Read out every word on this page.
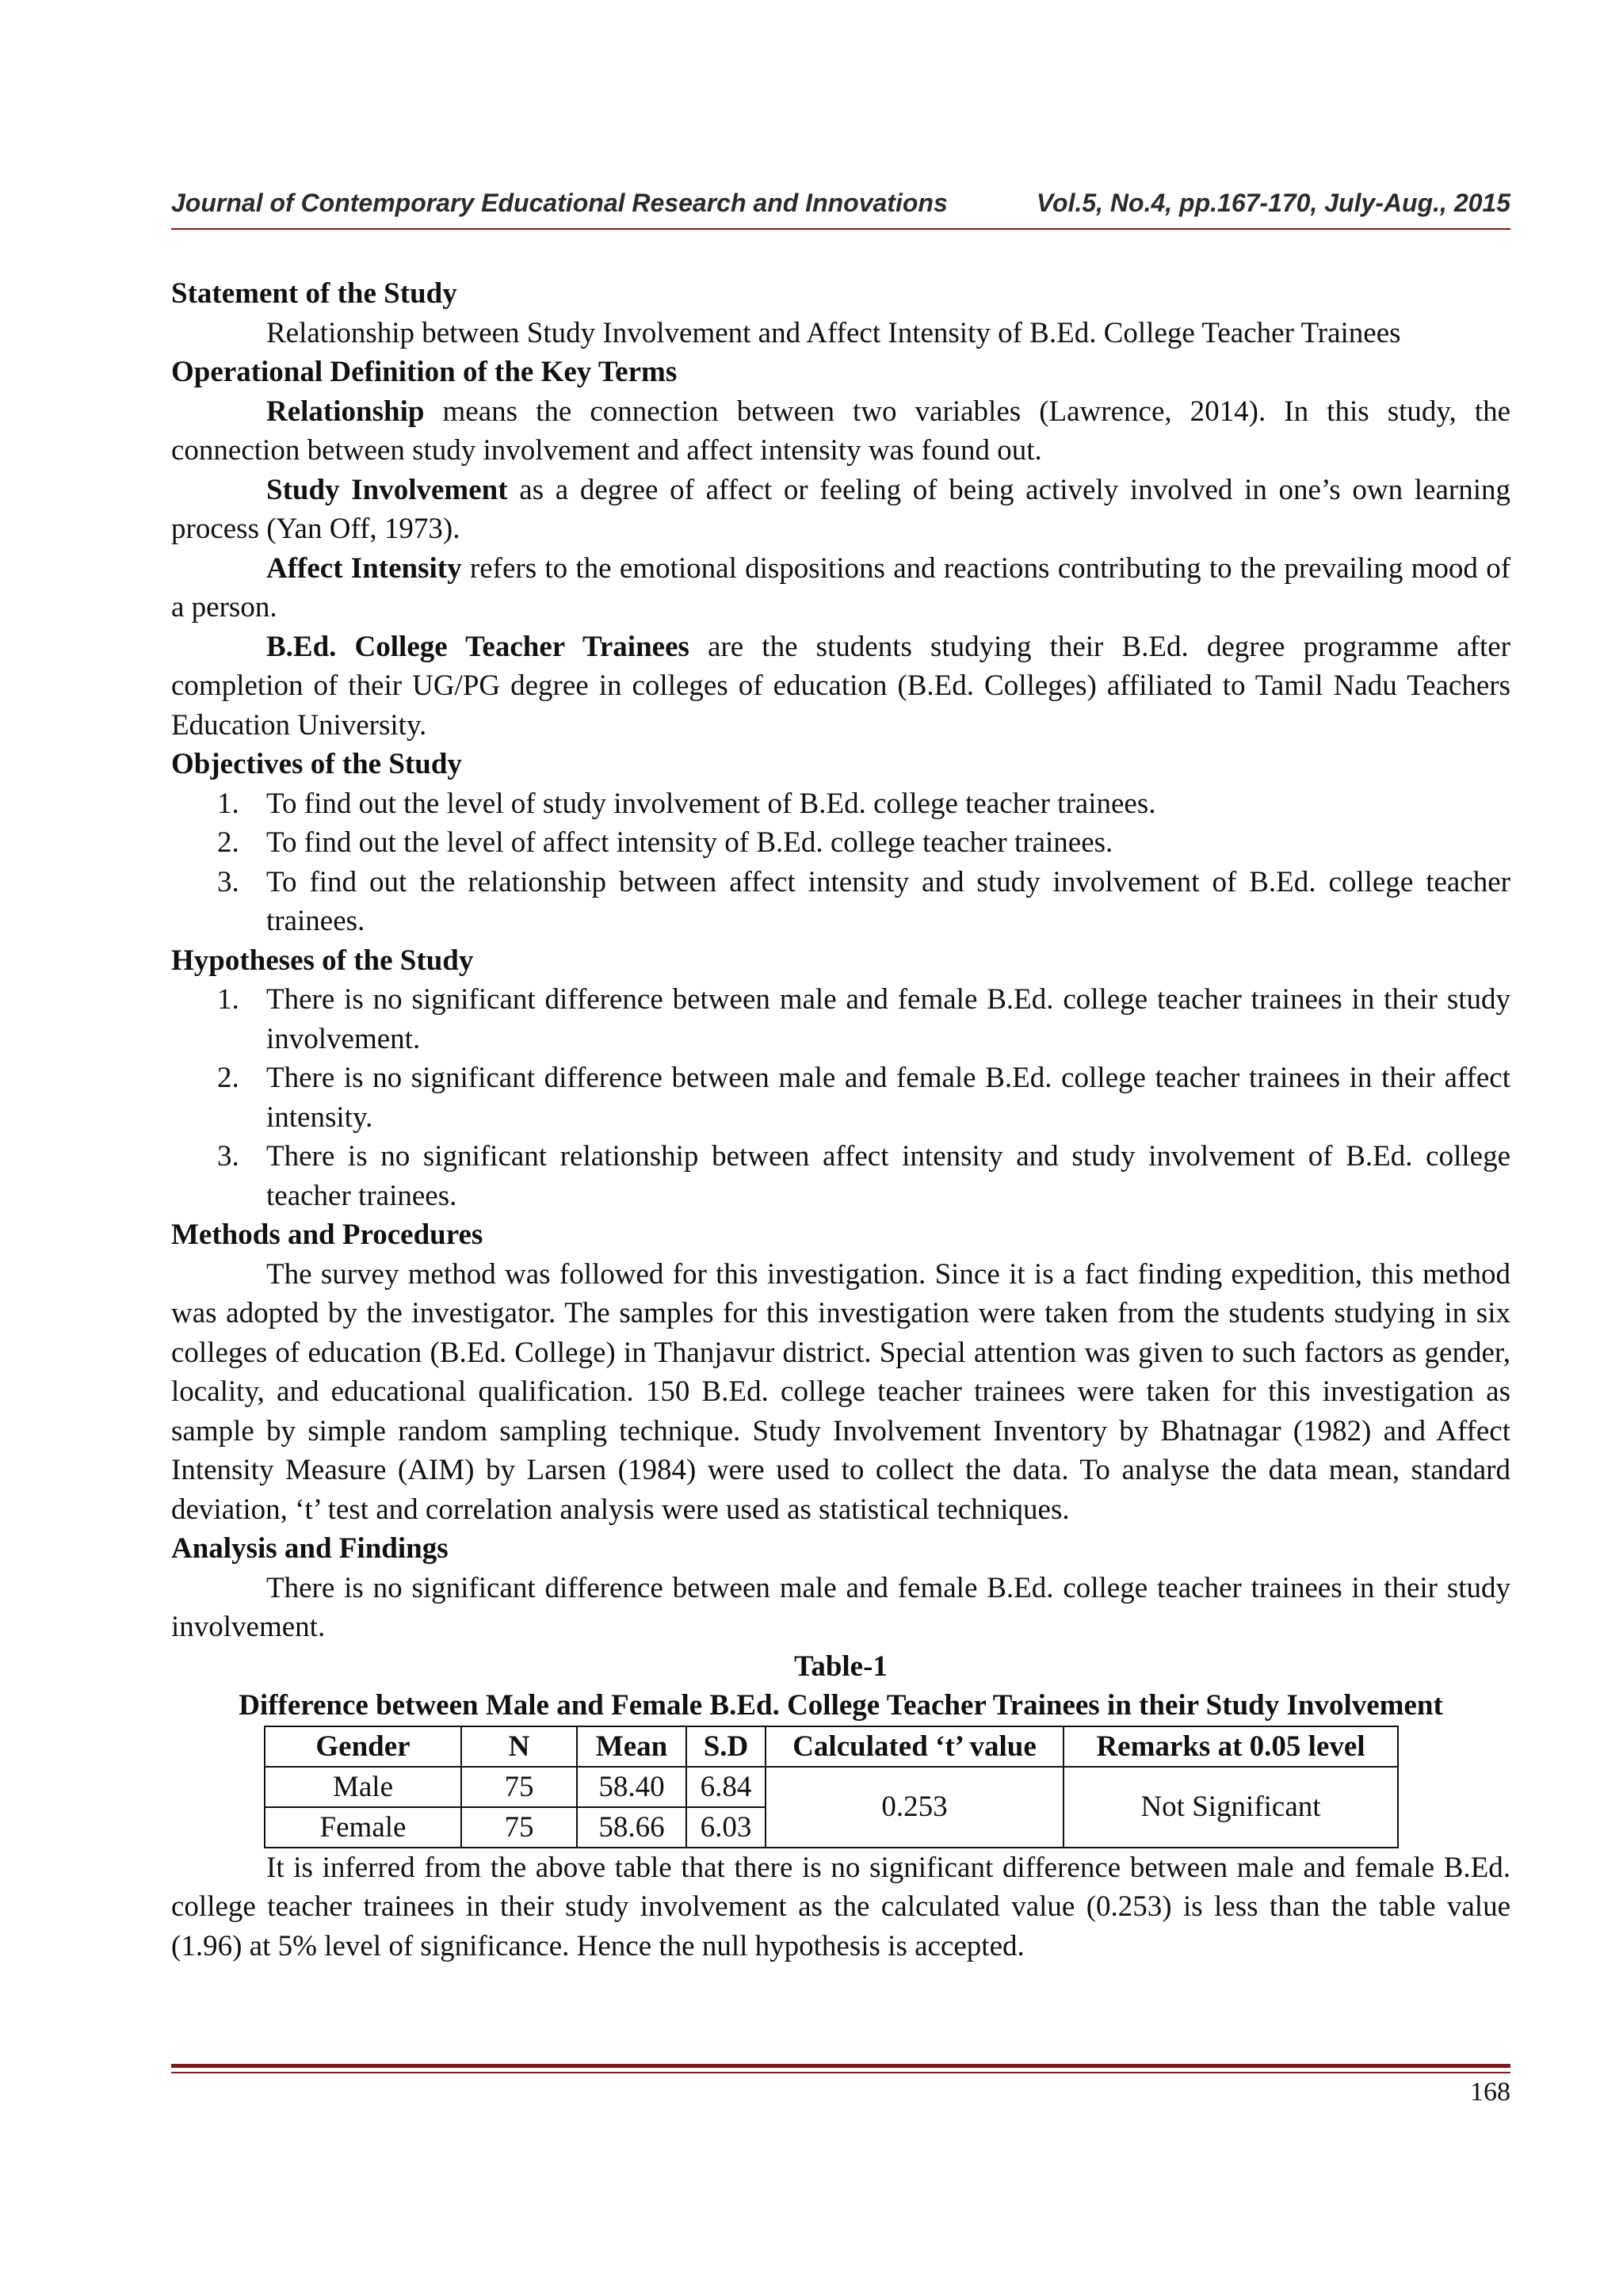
Journal of Contemporary Educational Research and Innovations	Vol.5, No.4, pp.167-170, July-Aug., 2015

Statement of the Study

Relationship between Study Involvement and Affect Intensity of B.Ed. College Teacher Trainees

Operational Definition of the Key Terms

Relationship means the connection between two variables (Lawrence, 2014). In this study, the connection between study involvement and affect intensity was found out.

Study Involvement as a degree of affect or feeling of being actively involved in one’s own learning process (Yan Off, 1973).

Affect Intensity refers to the emotional dispositions and reactions contributing to the prevailing mood of a person.

B.Ed. College Teacher Trainees are the students studying their B.Ed. degree programme after completion of their UG/PG degree in colleges of education (B.Ed. Colleges) affiliated to Tamil Nadu Teachers Education University.

Objectives of the Study

1. To find out the level of study involvement of B.Ed. college teacher trainees.
2. To find out the level of affect intensity of B.Ed. college teacher trainees.
3. To find out the relationship between affect intensity and study involvement of B.Ed. college teacher trainees.

Hypotheses of the Study

1. There is no significant difference between male and female B.Ed. college teacher trainees in their study involvement.
2. There is no significant difference between male and female B.Ed. college teacher trainees in their affect intensity.
3. There is no significant relationship between affect intensity and study involvement of B.Ed. college teacher trainees.

Methods and Procedures

The survey method was followed for this investigation. Since it is a fact finding expedition, this method was adopted by the investigator. The samples for this investigation were taken from the students studying in six colleges of education (B.Ed. College) in Thanjavur district. Special attention was given to such factors as gender, locality, and educational qualification. 150 B.Ed. college teacher trainees were taken for this investigation as sample by simple random sampling technique. Study Involvement Inventory by Bhatnagar (1982) and Affect Intensity Measure (AIM) by Larsen (1984) were used to collect the data. To analyse the data mean, standard deviation, ‘t’ test and correlation analysis were used as statistical techniques.

Analysis and Findings

There is no significant difference between male and female B.Ed. college teacher trainees in their study involvement.

Table-1

Difference between Male and Female B.Ed. College Teacher Trainees in their Study Involvement

Gender	N	Mean	S.D	Calculated ‘t’ value	Remarks at 0.05 level
Male	75	58.40	6.84	0.253	Not Significant
Female	75	58.66	6.03		

It is inferred from the above table that there is no significant difference between male and female B.Ed. college teacher trainees in their study involvement as the calculated value (0.253) is less than the table value (1.96) at 5% level of significance. Hence the null hypothesis is accepted.

168
